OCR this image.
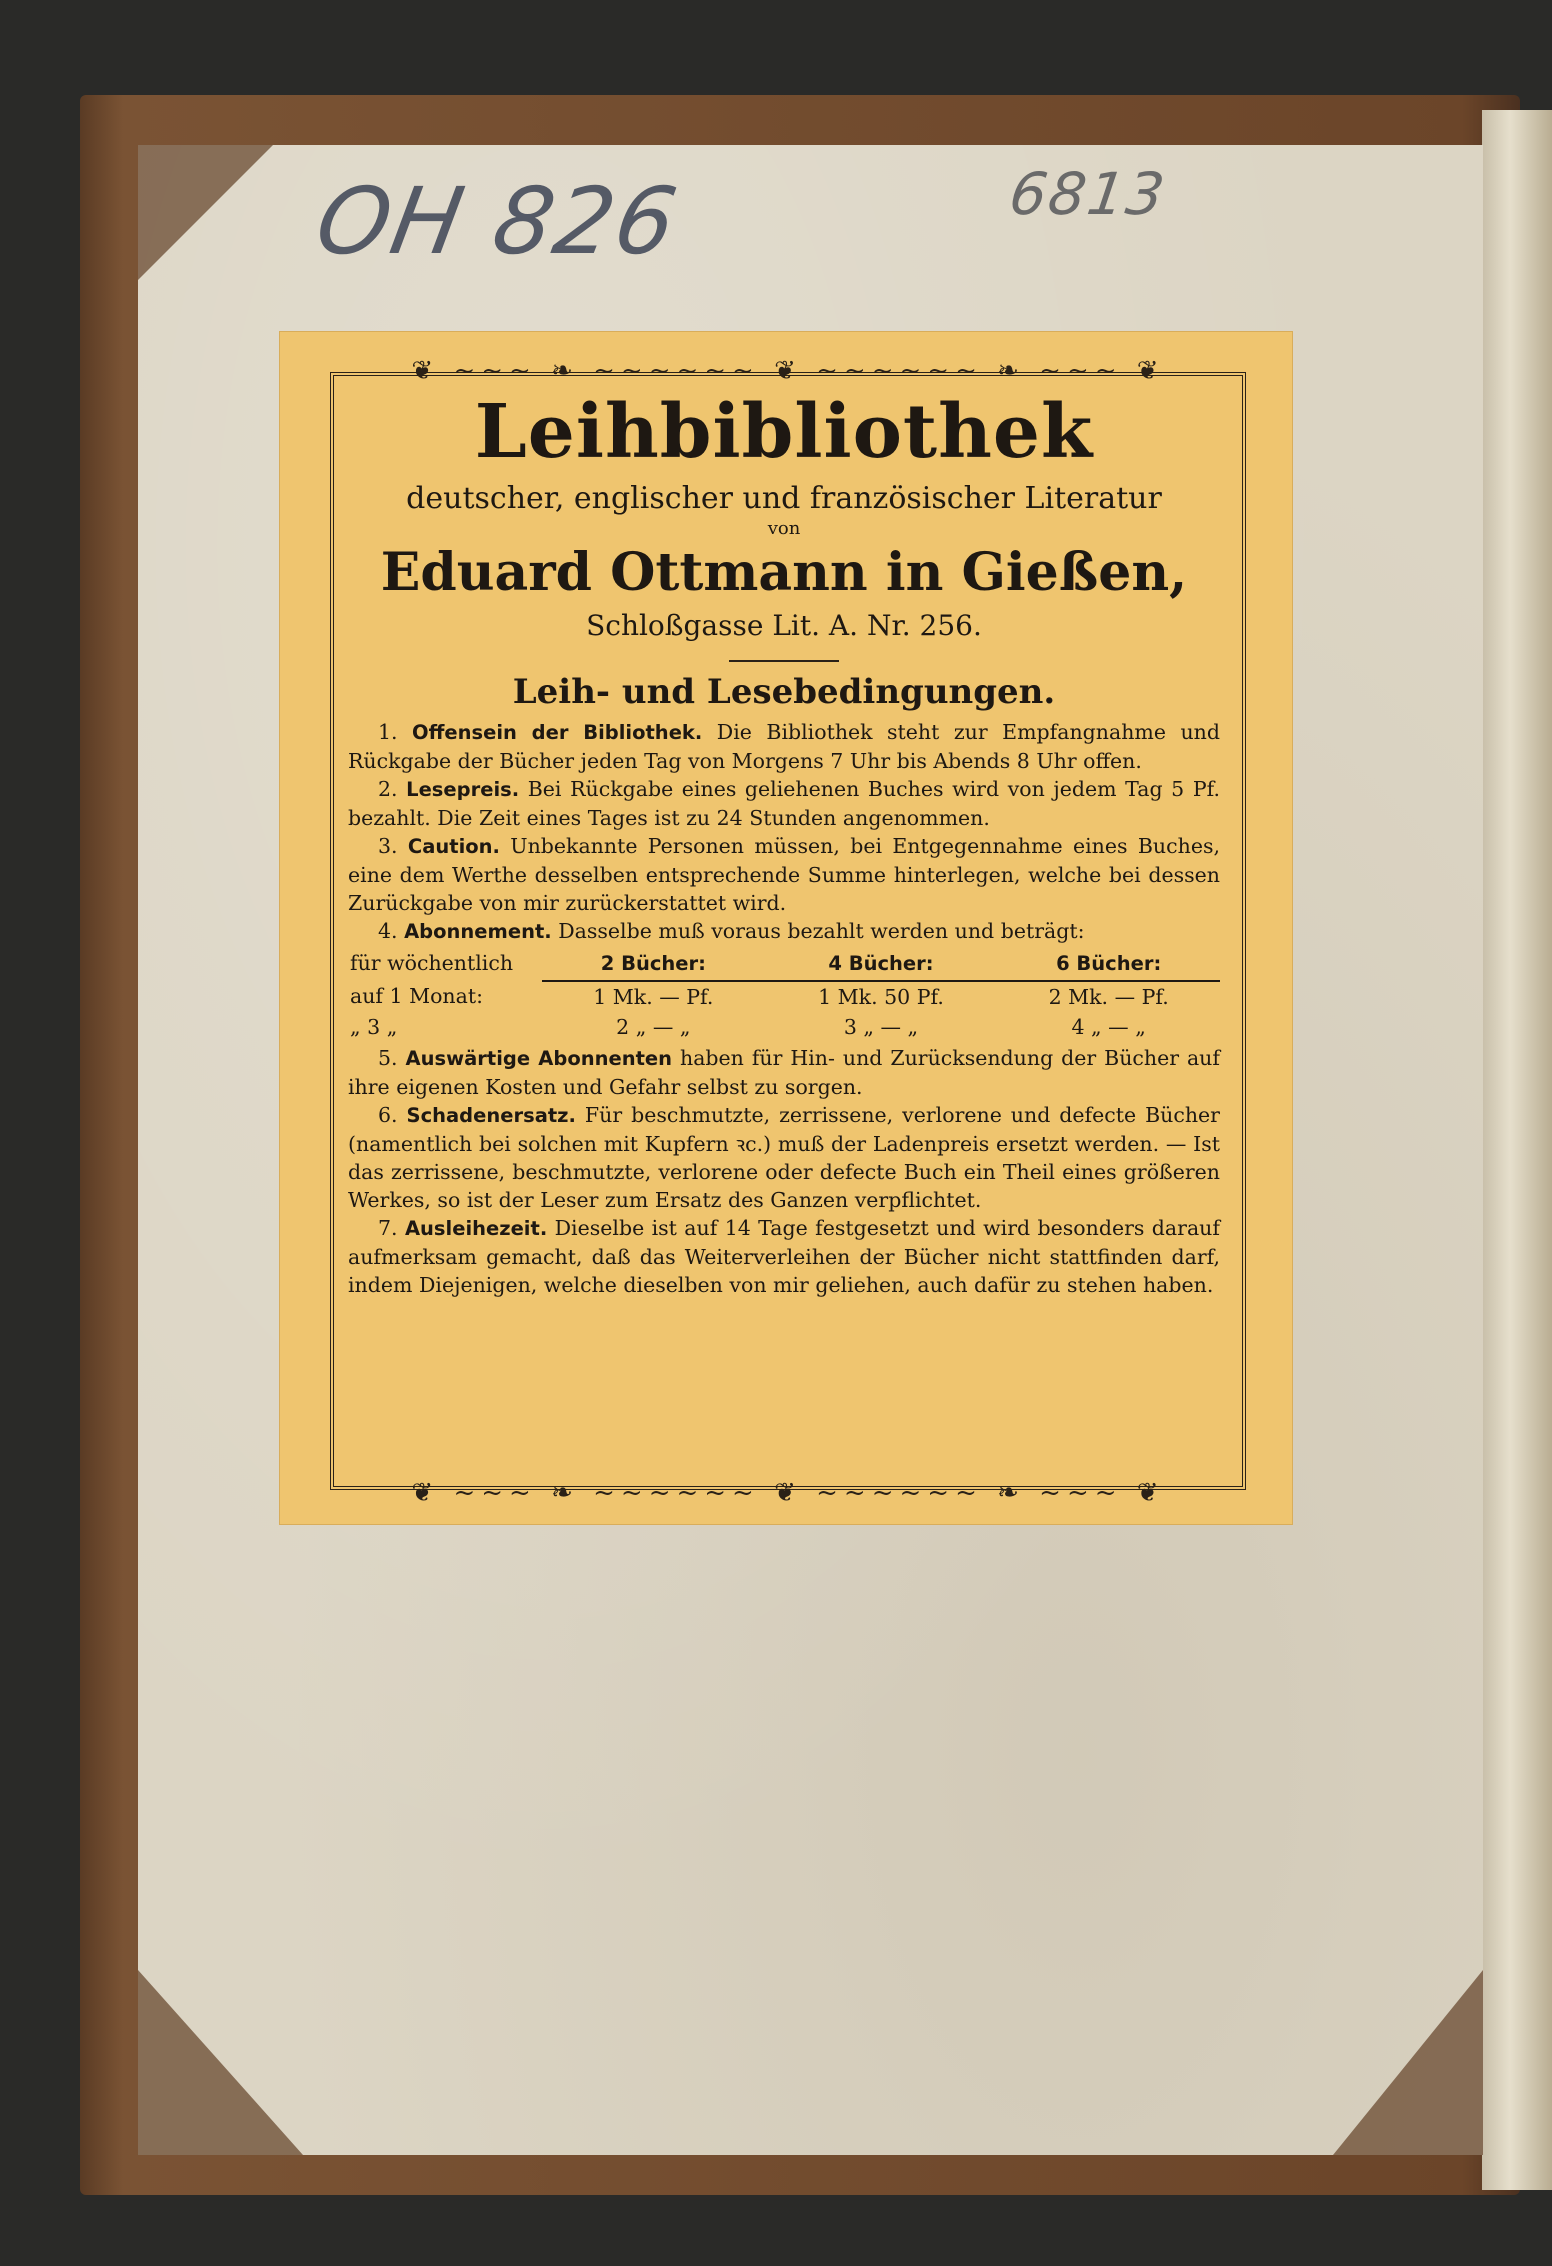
OH 826	6813
❦ ~~~ ❧ ~~~~~~ ❦ ~~~~~~ ❧ ~~~ ❦
❦ ~~~ ❧ ~~~~~~ ❦ ~~~~~~ ❧ ~~~ ❦
Leihbibliothek
deutscher, englischer und französischer Literatur
von
Eduard Ottmann in Gießen,
Schloßgasse Lit. A. Nr. 256.
Leih- und Lesebedingungen.

1. Offensein der Bibliothek. Die Bibliothek steht zur Empfangnahme und Rückgabe der Bücher jeden Tag von Morgens 7 Uhr bis Abends 8 Uhr offen.

2. Lesepreis. Bei Rückgabe eines geliehenen Buches wird von jedem Tag 5 Pf. bezahlt. Die Zeit eines Tages ist zu 24 Stunden angenommen.

3. Caution. Unbekannte Personen müssen, bei Entgegennahme eines Buches, eine dem Werthe desselben entsprechende Summe hinterlegen, welche bei dessen Zurückgabe von mir zurückerstattet wird.

4. Abonnement. Dasselbe muß voraus bezahlt werden und beträgt:

für wöchentlich	2 Bücher:	4 Bücher:	6 Bücher:
auf 1 Monat:	1 Mk. — Pf.	1 Mk. 50 Pf.	2 Mk. — Pf.
„ 3 „	2 „ — „	3 „ — „	4 „ — „

5. Auswärtige Abonnenten haben für Hin- und Zurücksendung der Bücher auf ihre eigenen Kosten und Gefahr selbst zu sorgen.

6. Schadenersatz. Für beschmutzte, zerrissene, verlorene und defecte Bücher (namentlich bei solchen mit Kupfern ꝛc.) muß der Ladenpreis ersetzt werden. — Ist das zerrissene, beschmutzte, verlorene oder defecte Buch ein Theil eines größeren Werkes, so ist der Leser zum Ersatz des Ganzen verpflichtet.

7. Ausleihezeit. Dieselbe ist auf 14 Tage festgesetzt und wird besonders darauf aufmerksam gemacht, daß das Weiterverleihen der Bücher nicht stattfinden darf, indem Diejenigen, welche dieselben von mir geliehen, auch dafür zu stehen haben.
